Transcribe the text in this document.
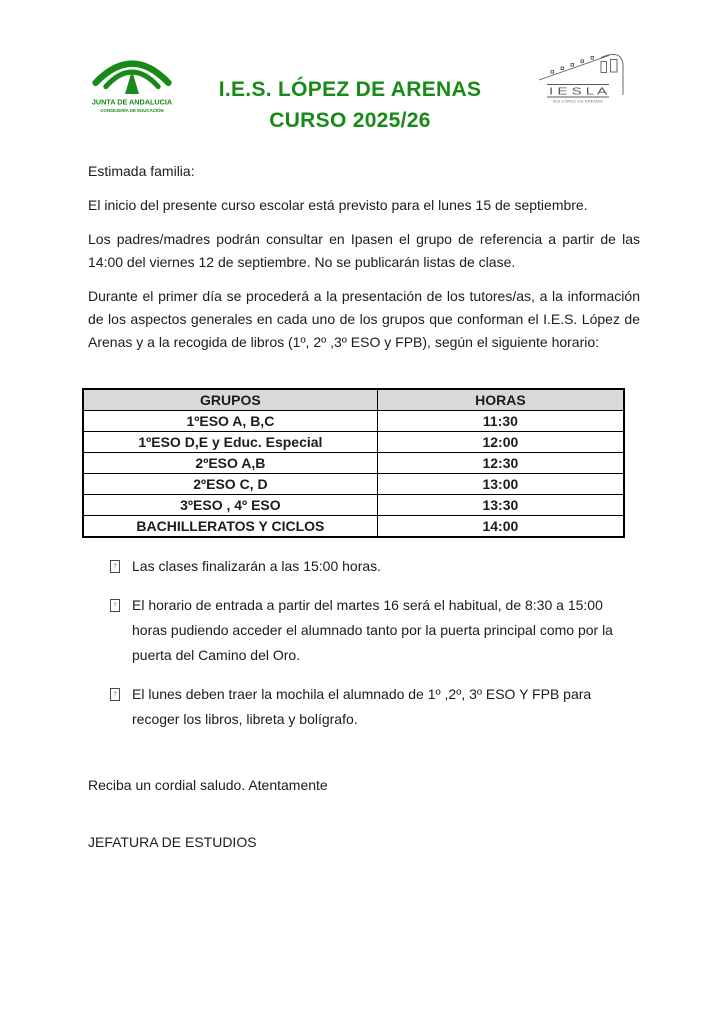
JUNTA DE ANDALUCIA
CONSEJERÍA DE EDUCACIÓN
I.E.S. LÓPEZ DE ARENAS
CURSO 2025/26
I E S L A
IES LÓPEZ DE ARENAS

Estimada familia:

El inicio del presente curso escolar está previsto para el lunes 15 de septiembre.

Los padres/madres podrán consultar en Ipasen el grupo de referencia a partir de las 14:00 del viernes 12 de septiembre. No se publicarán listas de clase.

Durante el primer día se procederá a la presentación de los tutores/as, a la información de los aspectos generales en cada uno de los grupos que conforman el I.E.S. López de Arenas y a la recogida de libros (1º, 2º ,3º ESO y FPB), según el siguiente horario:

GRUPOS	HORAS
1ºESO A, B,C	11:30
1ºESO D,E y Educ. Especial	12:00
2ºESO A,B	12:30
2ºESO C, D	13:00
3ºESO , 4º ESO	13:30
BACHILLERATOS Y CICLOS	14:00
?
Las clases finalizarán a las 15:00 horas.
?
El horario de entrada a partir del martes 16 será el habitual, de 8:30 a 15:00 horas pudiendo acceder el alumnado tanto por la puerta principal como por la puerta del Camino del Oro.
?
El lunes deben traer la mochila el alumnado de 1º ,2º, 3º ESO Y FPB para recoger los libros, libreta y bolígrafo.

Reciba un cordial saludo. Atentamente

JEFATURA DE ESTUDIOS
